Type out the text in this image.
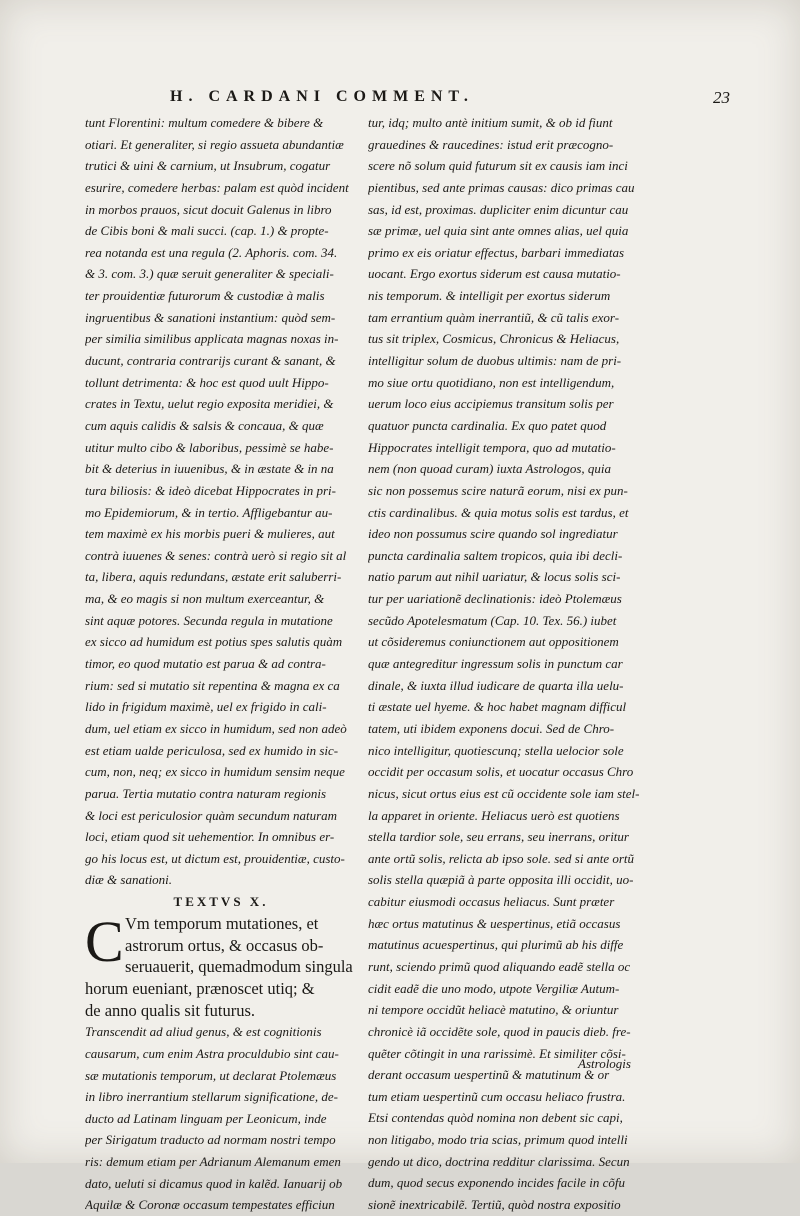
H. CARDANI COMMENT.	23
tunt Florentini: multum comedere & bibere &
otiari. Et generaliter, si regio assueta abundantiæ
trutici & uini & carnium, ut Insubrum, cogatur
esurire, comedere herbas: palam est quòd incident
in morbos prauos, sicut docuit Galenus in libro
de Cibis boni & mali succi. (cap. 1.) & propte-
rea notanda est una regula (2. Aphoris. com. 34.
& 3. com. 3.) quæ seruit generaliter & speciali-
ter prouidentiæ futurorum & custodiæ à malis
ingruentibus & sanationi instantium: quòd sem-
per similia similibus applicata magnas noxas in-
ducunt, contraria contrarijs curant & sanant, &
tollunt detrimenta: & hoc est quod uult Hippo-
crates in Textu, uelut regio exposita meridiei, &
cum aquis calidis & salsis & concaua, & quæ
utitur multo cibo & laboribus, pessimè se habe-
bit & deterius in iuuenibus, & in æstate & in na
tura biliosis: & ideò dicebat Hippocrates in pri-
mo Epidemiorum, & in tertio. Affligebantur au-
tem maximè ex his morbis pueri & mulieres, aut
contrà iuuenes & senes: contrà uerò si regio sit al
ta, libera, aquis redundans, æstate erit saluberri-
ma, & eo magis si non multum exerceantur, &
sint aquæ potores. Secunda regula in mutatione
ex sicco ad humidum est potius spes salutis quàm
timor, eo quod mutatio est parua & ad contra-
rium: sed si mutatio sit repentina & magna ex ca
lido in frigidum maximè, uel ex frigido in cali-
dum, uel etiam ex sicco in humidum, sed non adeò
est etiam ualde periculosa, sed ex humido in sic-
cum, non, neq; ex sicco in humidum sensim neque
parua. Tertia mutatio contra naturam regionis
& loci est periculosior quàm secundum naturam
loci, etiam quod sit uehementior. In omnibus er-
go his locus est, ut dictum est, prouidentiæ, custo-
diæ & sanationi.
TEXTVS X.
C Vm temporum mutationes, et
astrorum ortus, & occasus ob-
seruauerit, quemadmodum singula
horum eueniant, prænoscet utiq; &
de anno qualis sit futurus.
Transcendit ad aliud genus, & est cognitionis
causarum, cum enim Astra proculdubio sint cau-
sæ mutationis temporum, ut declarat Ptolemæus
in libro inerrantium stellarum significatione, de-
ducto ad Latinam linguam per Leonicum, inde
per Sirigatum traducto ad normam nostri tempo
ris: demum etiam per Adrianum Alemanum emen
dato, ueluti si dicamus quod in kalẽd. Ianuarij ob
Aquilæ & Coronæ occasum tempestates efficiun
tur, idq; multo antè initium sumit, & ob id fiunt
grauedines & raucedines: istud erit præcogno-
scere nõ solum quid futurum sit ex causis iam inci
pientibus, sed ante primas causas: dico primas cau
sas, id est, proximas. dupliciter enim dicuntur cau
sæ primæ, uel quia sint ante omnes alias, uel quia
primo ex eis oriatur effectus, barbari immediatas
uocant. Ergo exortus siderum est causa mutatio-
nis temporum. & intelligit per exortus siderum
tam errantium quàm inerrantiũ, & cũ talis exor-
tus sit triplex, Cosmicus, Chronicus & Heliacus,
intelligitur solum de duobus ultimis: nam de pri-
mo siue ortu quotidiano, non est intelligendum,
uerum loco eius accipiemus transitum solis per
quatuor puncta cardinalia. Ex quo patet quod
Hippocrates intelligit tempora, quo ad mutatio-
nem (non quoad curam) iuxta Astrologos, quia
sic non possemus scire naturã eorum, nisi ex pun-
ctis cardinalibus. & quia motus solis est tardus, et
ideo non possumus scire quando sol ingrediatur
puncta cardinalia saltem tropicos, quia ibi decli-
natio parum aut nihil uariatur, & locus solis sci-
tur per uariationẽ declinationis: ideò Ptolemæus
secũdo Apotelesmatum (Cap. 10. Tex. 56.) iubet
ut cõsideremus coniunctionem aut oppositionem
quæ antegreditur ingressum solis in punctum car
dinale, & iuxta illud iudicare de quarta illa uelu-
ti æstate uel hyeme. & hoc habet magnam difficul
tatem, uti ibidem exponens docui. Sed de Chro-
nico intelligitur, quotiescunq; stella uelocior sole
occidit per occasum solis, et uocatur occasus Chro
nicus, sicut ortus eius est cũ occidente sole iam stel-
la apparet in oriente. Heliacus uerò est quotiens
stella tardior sole, seu errans, seu inerrans, oritur
ante ortũ solis, relicta ab ipso sole. sed si ante ortũ
solis stella quæpiã à parte opposita illi occidit, uo-
cabitur eiusmodi occasus heliacus. Sunt præter
hæc ortus matutinus & uespertinus, etiã occasus
matutinus acuespertinus, qui plurimũ ab his diffe
runt, sciendo primũ quod aliquando eadẽ stella oc
cidit eadẽ die uno modo, utpote Vergiliæ Autum-
ni tempore occidũt heliacè matutino, & oriuntur
chronicè iã occidẽte sole, quod in paucis dieb. fre-
quẽter cõtingit in una rarissimè. Et similiter cõsi-
derant occasum uespertinũ & matutinum & or
tum etiam uespertinũ cum occasu heliaco frustra.
Etsi contendas quòd nomina non debent sic capi,
non litigabo, modo tria scias, primum quod intelli
gendo ut dico, doctrina redditur clarissima. Secun
dum, quod secus exponendo incides facile in cõfu
sionẽ inextricabilẽ. Tertiũ, quòd nostra expositio
Astrologis
